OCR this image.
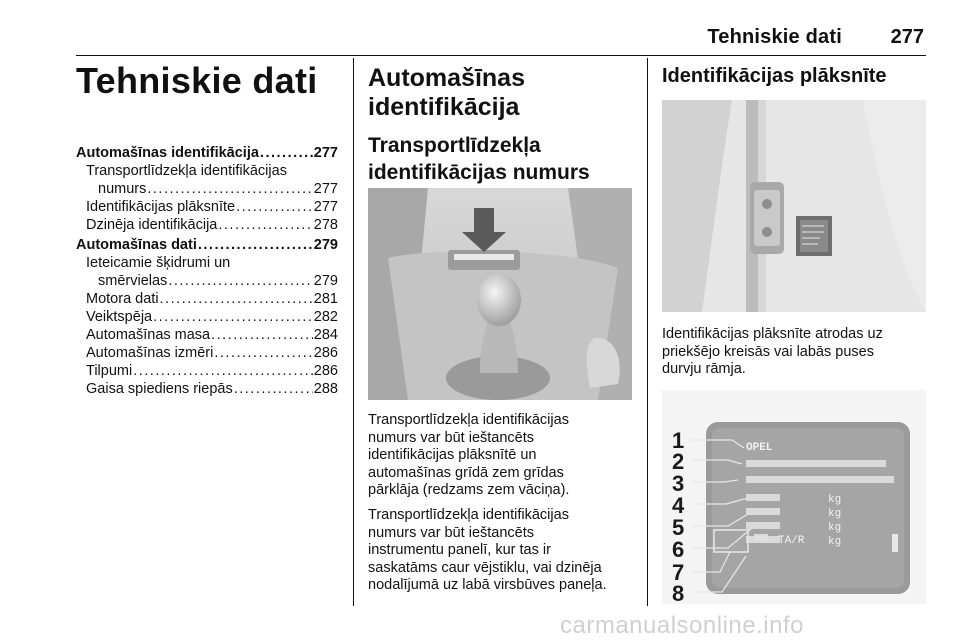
Tehniskie dati 277
Tehniskie dati
Automašīnas identifikācija .....	277
Transportlīdzekļa identifikācijas
numurs .....	277
Identifikācijas plāksnīte .....	277
Dzinēja identifikācija .....	278
Automašīnas dati .....	279
Ieteicamie šķidrumi un
smērvielas .....	279
Motora dati .....	281
Veiktspēja .....	282
Automašīnas masa .....	284
Automašīnas izmēri .....	286
Tilpumi .....	286
Gaisa spiediens riepās .....	288

Automašīnas
identifikācija

Transportlīdzekļa
identifikācijas numurs

Transportlīdzekļa identifikācijas
numurs var būt ieštancēts
identifikācijas plāksnītē un
automašīnas grīdā zem grīdas
pārklāja (redzams zem vāciņa).

Transportlīdzekļa identifikācijas
numurs var būt ieštancēts
instrumentu panelī, kur tas ir
saskatāms caur vējstiklu, vai dzinēja
nodalījumā uz labā virsbūves paneļa.

Identifikācijas plāksnīte

Identifikācijas plāksnīte atrodas uz
priekšējo kreisās vai labās puses
durvju rāmja.

1
2
3
4
5
6
7
8
OPEL
kg
kg
kg
kg
TA/R
carmanualsonline.info
